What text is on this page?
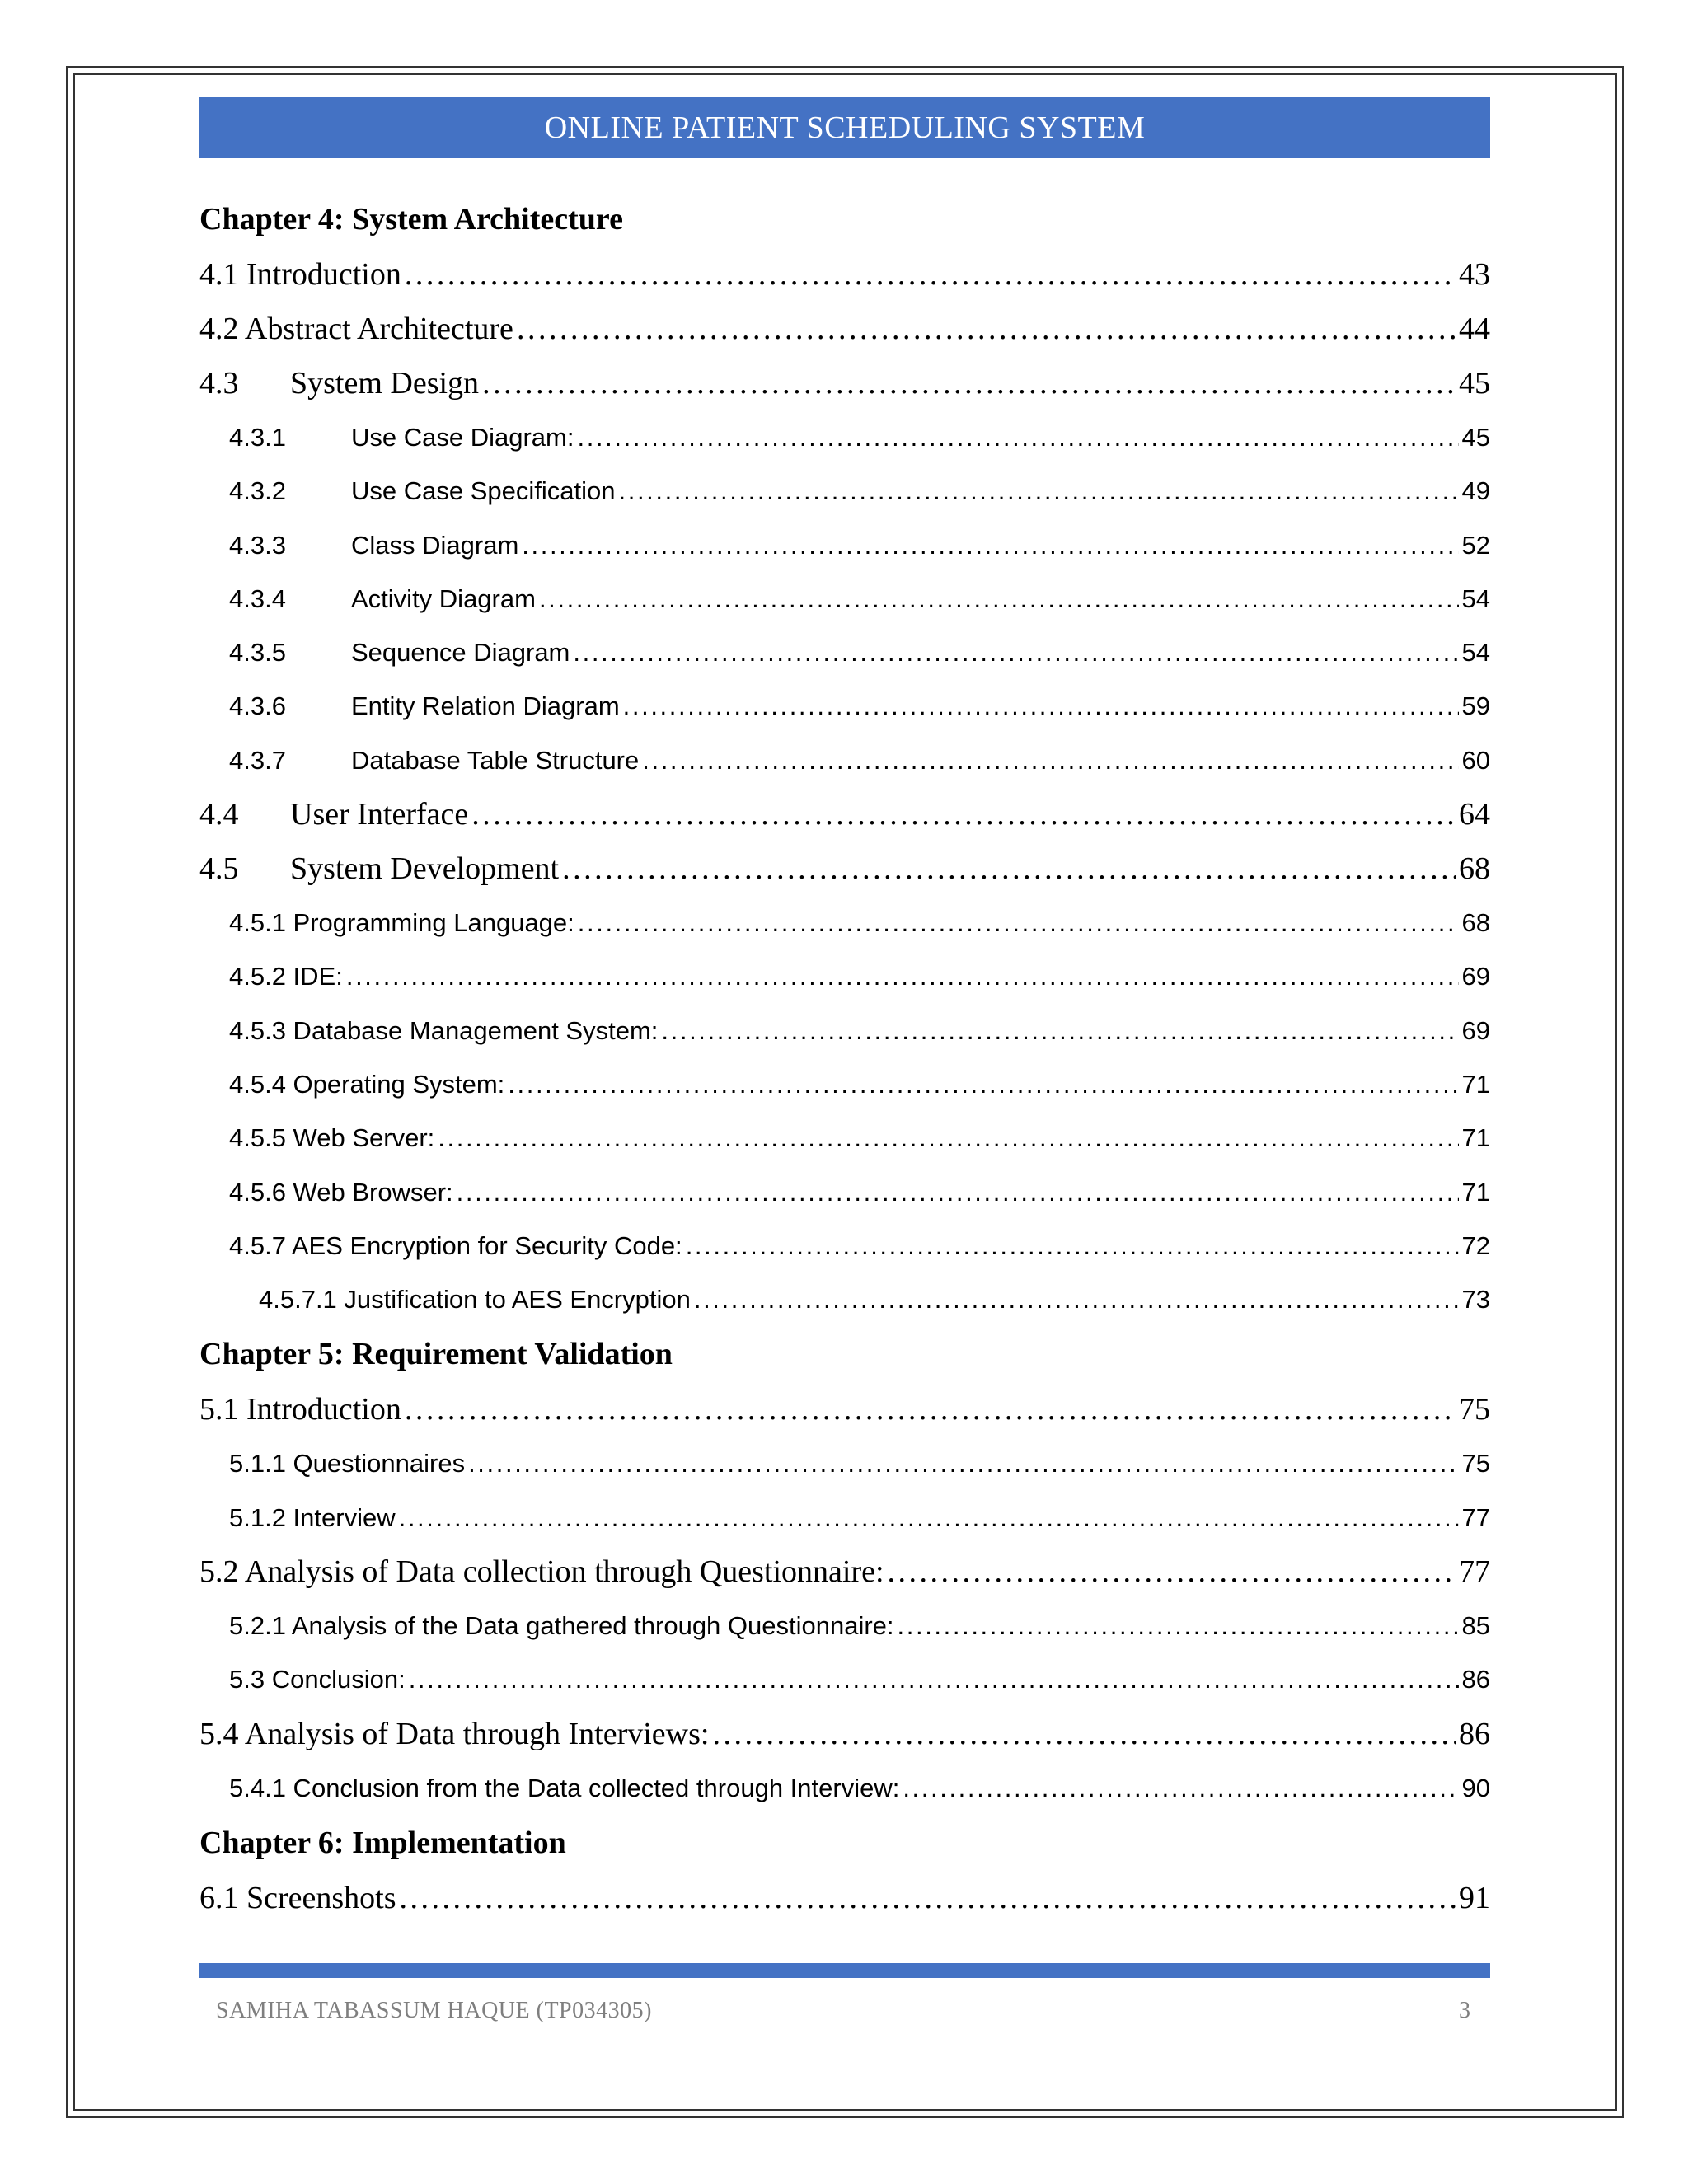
ONLINE PATIENT SCHEDULING SYSTEM
Chapter 4: System Architecture
4.1 Introduction . . .	43
4.2 Abstract Architecture . . .	44
4.3	System Design . . .	45
4.3.1	Use Case Diagram: . . .	45
4.3.2	Use Case Specification . . .	49
4.3.3	Class Diagram . . .	52
4.3.4	Activity Diagram . . .	54
4.3.5	Sequence Diagram . . .	54
4.3.6	Entity Relation Diagram . . .	59
4.3.7	Database Table Structure . . .	60
4.4	User Interface . . .	64
4.5	System Development . . .	68
4.5.1 Programming Language: . . .	68
4.5.2 IDE: . . .	69
4.5.3 Database Management System: . . .	69
4.5.4 Operating System: . . .	71
4.5.5 Web Server: . . .	71
4.5.6 Web Browser: . . .	71
4.5.7 AES Encryption for Security Code: . . .	72
4.5.7.1 Justification to AES Encryption . . .	73
Chapter 5: Requirement Validation
5.1 Introduction . . .	75
5.1.1 Questionnaires . . .	75
5.1.2 Interview . . .	77
5.2 Analysis of Data collection through Questionnaire: . . .	77
5.2.1 Analysis of the Data gathered through Questionnaire: . . .	85
5.3 Conclusion: . . .	86
5.4 Analysis of Data through Interviews: . . .	86
5.4.1 Conclusion from the Data collected through Interview: . . .	90
Chapter 6: Implementation
6.1 Screenshots . . .	91
SAMIHA TABASSUM HAQUE (TP034305)	3
